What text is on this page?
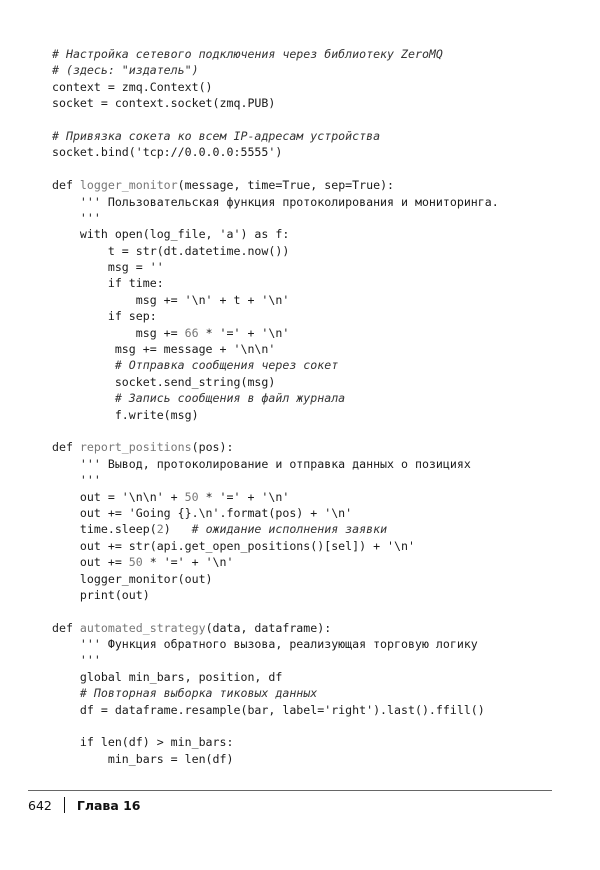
# Настройка сетевого подключения через библиотеку ZeroMQ
# (здесь: "издатель")
context = zmq.Context()
socket = context.socket(zmq.PUB)
# Привязка сокета ко всем IP-адресам устройства
socket.bind('tcp://0.0.0.0:5555')
def logger_monitor(message, time=True, sep=True):
''' Пользовательская функция протоколирования и мониторинга.
'''
with open(log_file, 'a') as f:
t = str(dt.datetime.now())
msg = ''
if time:
msg += '\n' + t + '\n'
if sep:
msg += 66 * '=' + '\n'
msg += message + '\n\n'
# Отправка сообщения через сокет
socket.send_string(msg)
# Запись сообщения в файл журнала
f.write(msg)
def report_positions(pos):
''' Вывод, протоколирование и отправка данных о позициях
'''
out = '\n\n' + 50 * '=' + '\n'
out += 'Going {}.\n'.format(pos) + '\n'
time.sleep(2)   # ожидание исполнения заявки
out += str(api.get_open_positions()[sel]) + '\n'
out += 50 * '=' + '\n'
logger_monitor(out)
print(out)
def automated_strategy(data, dataframe):
''' Функция обратного вызова, реализующая торговую логику
'''
global min_bars, position, df
# Повторная выборка тиковых данных
df = dataframe.resample(bar, label='right').last().ffill()
if len(df) > min_bars:
min_bars = len(df)
642 Глава 16
